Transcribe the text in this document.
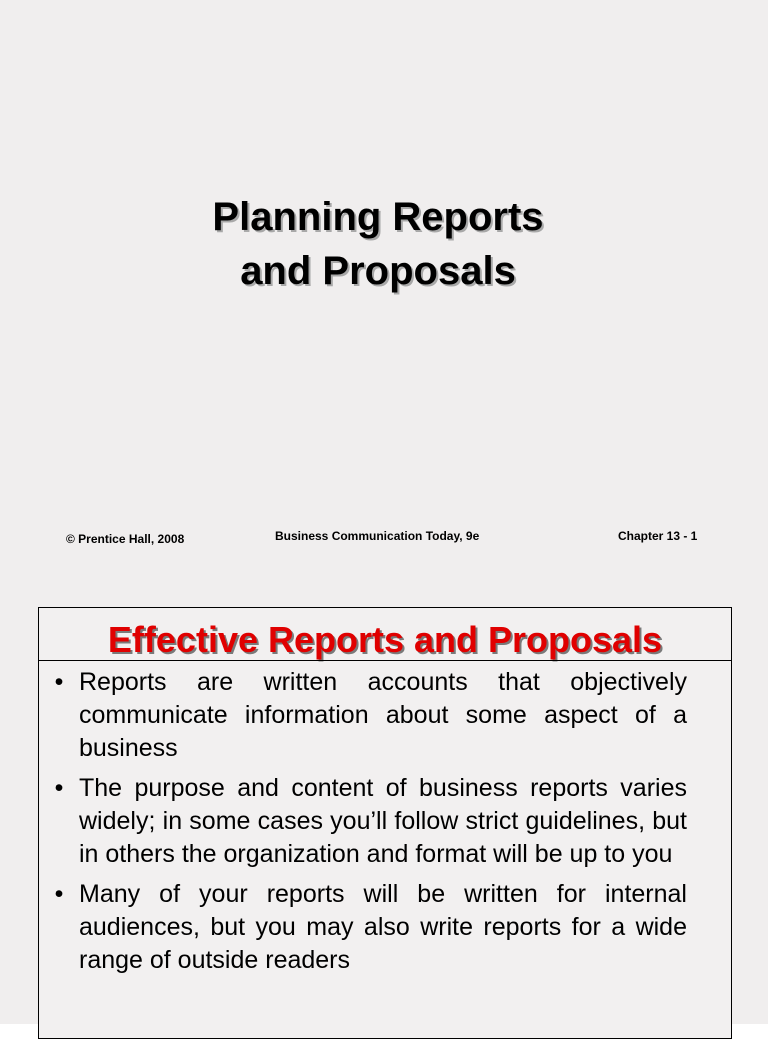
Planning Reports
and Proposals
© Prentice Hall, 2008	Business Communication Today, 9e	Chapter 13 - 1
Effective Reports and Proposals
• Reports are written accounts that objectively communicate information about some aspect of a business
• The purpose and content of business reports varies widely; in some cases you’ll follow strict guidelines, but in others the organization and format will be up to you
• Many of your reports will be written for internal audiences, but you may also write reports for a wide range of outside readers
